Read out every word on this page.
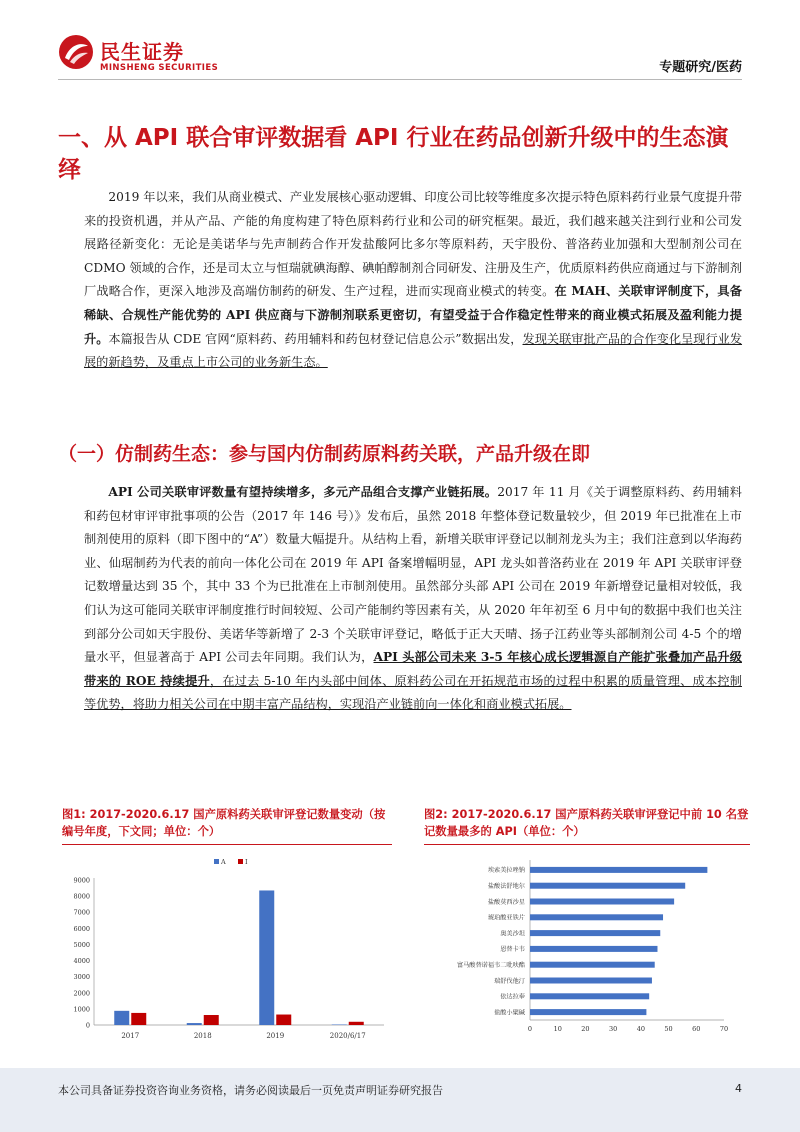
民生证券
MINSHENG SECURITIES	专题研究/医药
一、从 API 联合审评数据看 API 行业在药品创新升级中的生态演绎

2019 年以来，我们从商业模式、产业发展核心驱动逻辑、印度公司比较等维度多次提示特色原料药行业景气度提升带来的投资机遇，并从产品、产能的角度构建了特色原料药行业和公司的研究框架。最近，我们越来越关注到行业和公司发展路径新变化：无论是美诺华与先声制药合作开发盐酸阿比多尔等原料药，天宇股份、普洛药业加强和大型制剂公司在 CDMO 领域的合作，还是司太立与恒瑞就碘海醇、碘帕醇制剂合同研发、注册及生产，优质原料药供应商通过与下游制剂厂战略合作，更深入地涉及高端仿制药的研发、生产过程，进而实现商业模式的转变。在 MAH、关联审评制度下，具备稀缺、合规性产能优势的 API 供应商与下游制剂联系更密切，有望受益于合作稳定性带来的商业模式拓展及盈利能力提升。本篇报告从 CDE 官网“原料药、药用辅料和药包材登记信息公示”数据出发，发现关联审批产品的合作变化呈现行业发展的新趋势，及重点上市公司的业务新生态。

（一）仿制药生态：参与国内仿制药原料药关联，产品升级在即

API 公司关联审评数量有望持续增多，多元产品组合支撑产业链拓展。2017 年 11 月《关于调整原料药、药用辅料和药包材审评审批事项的公告（2017 年 146 号）》发布后，虽然 2018 年整体登记数量较少，但 2019 年已批准在上市制剂使用的原料（即下图中的“A”）数量大幅提升。从结构上看，新增关联审评登记以制剂龙头为主；我们注意到以华海药业、仙琚制药为代表的前向一体化公司在 2019 年 API 备案增幅明显，API 龙头如普洛药业在 2019 年 API 关联审评登记数增量达到 35 个，其中 33 个为已批准在上市制剂使用。虽然部分头部 API 公司在 2019 年新增登记量相对较低，我们认为这可能同关联审评制度推行时间较短、公司产能制约等因素有关，从 2020 年年初至 6 月中旬的数据中我们也关注到部分公司如天宇股份、美诺华等新增了 2-3 个关联审评登记，略低于正大天晴、扬子江药业等头部制剂公司 4-5 个的增量水平，但显著高于 API 公司去年同期。我们认为，API 头部公司未来 3-5 年核心成长逻辑源自产能扩张叠加产品升级带来的 ROE 持续提升，在过去 5-10 年内头部中间体、原料药公司在开拓规范市场的过程中积累的质量管理、成本控制等优势，将助力相关公司在中期丰富产品结构，实现沿产业链前向一体化和商业模式拓展。

图1: 2017-2020.6.17 国产原料药关联审评登记数量变动（按编号年度，下文同；单位：个）
A	I
0
1000
2000
3000
4000
5000
6000
7000
8000
9000
2017	2018	2019	2020/6/17
图2: 2017-2020.6.17 国产原料药关联审评登记中前 10 名登记数量最多的 API（单位：个）
埃索美拉唑钠
盐酸法舒地尔
盐酸莫西沙星
琥珀酸亚铁片
奥美沙坦
恩替卡韦
富马酸替诺福韦二吡呋酯
瑞舒伐他汀
依达拉奉
盐酸小檗碱
0	10	20	30	40	50	60	70
本公司具备证券投资咨询业务资格，请务必阅读最后一页免责声明证券研究报告	4
